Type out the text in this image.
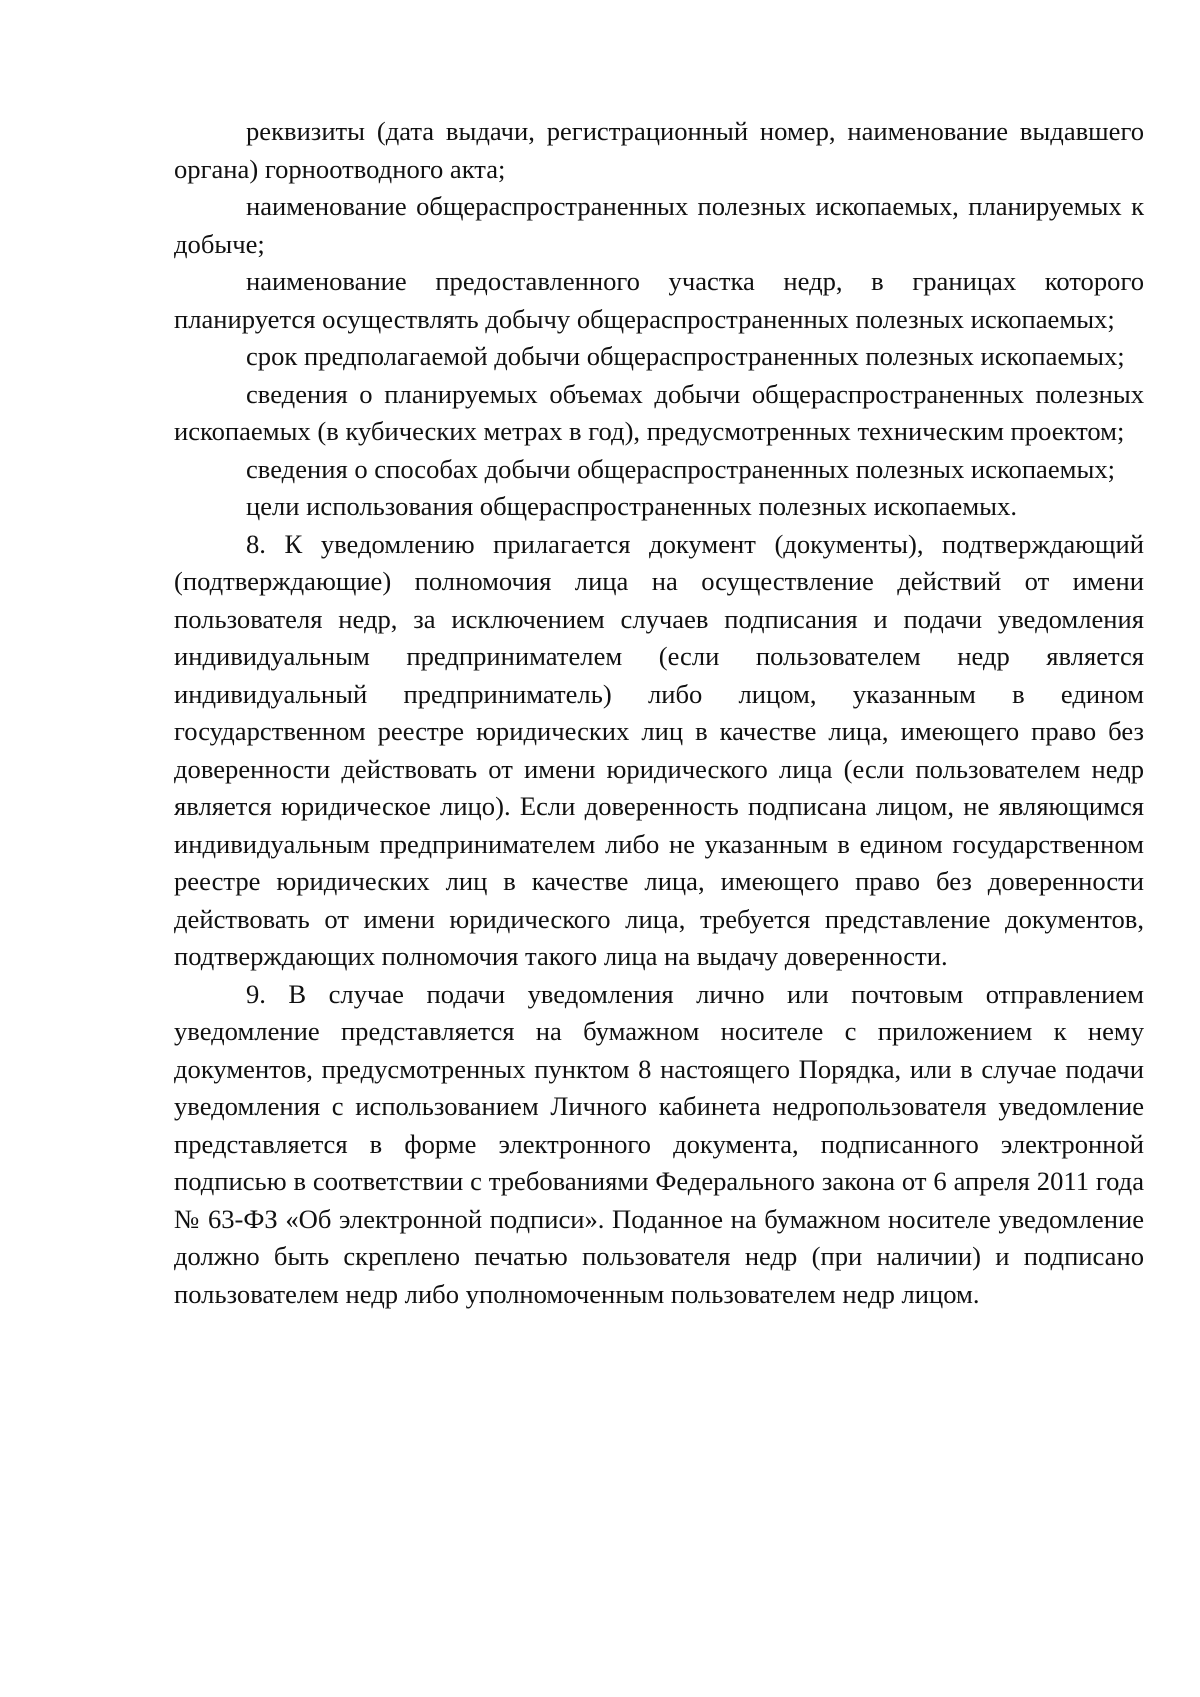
реквизиты (дата выдачи, регистрационный номер, наименование выдавшего органа) горноотводного акта;

наименование общераспространенных полезных ископаемых, планируемых к добыче;

наименование предоставленного участка недр, в границах которого планируется осуществлять добычу общераспространенных полезных ископаемых;

срок предполагаемой добычи общераспространенных полезных ископаемых;

сведения о планируемых объемах добычи общераспространенных полезных ископаемых (в кубических метрах в год), предусмотренных техническим проектом;

сведения о способах добычи общераспространенных полезных ископаемых;

цели использования общераспространенных полезных ископаемых.

8. К уведомлению прилагается документ (документы), подтверждающий (подтверждающие) полномочия лица на осуществление действий от имени пользователя недр, за исключением случаев подписания и подачи уведомления индивидуальным предпринимателем (если пользователем недр является индивидуальный предприниматель) либо лицом, указанным в едином государственном реестре юридических лиц в качестве лица, имеющего право без доверенности действовать от имени юридического лица (если пользователем недр является юридическое лицо). Если доверенность подписана лицом, не являющимся индивидуальным предпринимателем либо не указанным в едином государственном реестре юридических лиц в качестве лица, имеющего право без доверенности действовать от имени юридического лица, требуется представление документов, подтверждающих полномочия такого лица на выдачу доверенности.

9. В случае подачи уведомления лично или почтовым отправлением уведомление представляется на бумажном носителе с приложением к нему документов, предусмотренных пунктом 8 настоящего Порядка, или в случае подачи уведомления с использованием Личного кабинета недропользователя уведомление представляется в форме электронного документа, подписанного электронной подписью в соответствии с требованиями Федерального закона от 6 апреля 2011 года № 63-ФЗ «Об электронной подписи». Поданное на бумажном носителе уведомление должно быть скреплено печатью пользователя недр (при наличии) и подписано пользователем недр либо уполномоченным пользователем недр лицом.
